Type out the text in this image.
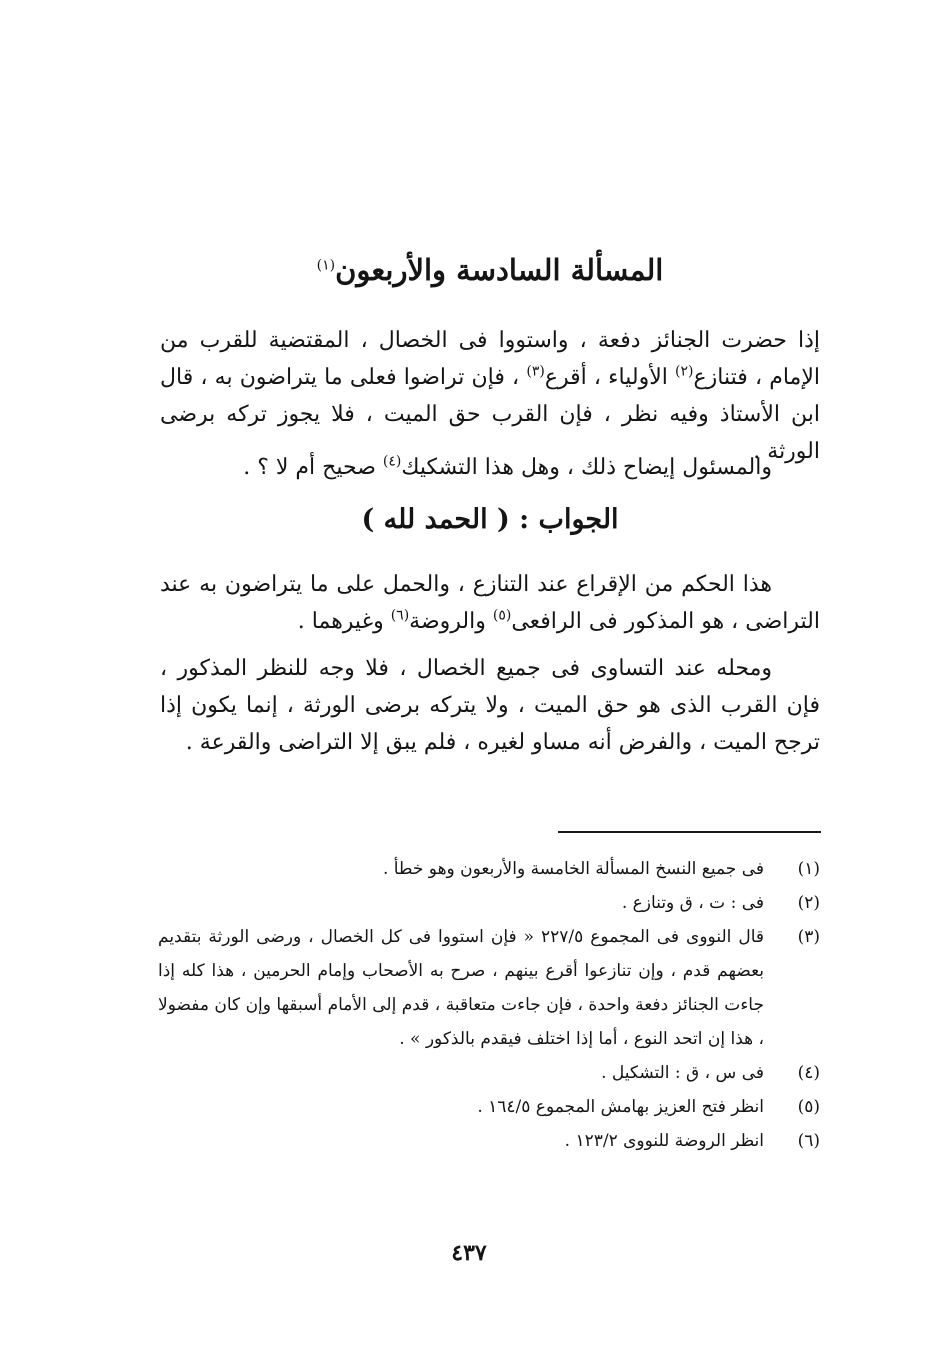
المسألة السادسة والأربعون$^{(١)}$

إذا حضرت الجنائز دفعة ، واستووا فى الخصال ، المقتضية للقرب من الإمام ، فتنازع$^{(٢)}$ الأولياء ، أقرع$^{(٣)}$ ، فإن تراضوا فعلى ما يتراضون به ، قال ابن الأستاذ وفيه نظر ، فإن القرب حق الميت ، فلا يجوز تركه برضى الورثة .

والمسئول إيضاح ذلك ، وهل هذا التشكيك$^{(٤)}$ صحيح أم لا ؟ .

الجواب : ( الحمد لله )

هذا الحكم من الإقراع عند التنازع ، والحمل على ما يتراضون به عند التراضى ، هو المذكور فى الرافعى$^{(٥)}$ والروضة$^{(٦)}$ وغيرهما .

ومحله عند التساوى فى جميع الخصال ، فلا وجه للنظر المذكور ، فإن القرب الذى هو حق الميت ، ولا يتركه برضى الورثة ، إنما يكون إذا ترجح الميت ، والفرض أنه مساو لغيره ، فلم يبق إلا التراضى والقرعة .

(١)
فى جميع النسخ المسألة الخامسة والأربعون وهو خطأ .
(٢)
فى : ت ، ق وتنازع .
(٣)
قال النووى فى المجموع ٢٢٧/٥ « فإن استووا فى كل الخصال ، ورضى الورثة بتقديم بعضهم قدم ، وإن تنازعوا أقرع بينهم ، صرح به الأصحاب وإمام الحرمين ، هذا كله إذا جاءت الجنائز دفعة واحدة ، فإن جاءت متعاقبة ، قدم إلى الأمام أسبقها وإن كان مفضولا ، هذا إن اتحد النوع ، أما إذا اختلف فيقدم بالذكور » .
(٤)
فى س ، ق : التشكيل .
(٥)
انظر فتح العزيز بهامش المجموع ١٦٤/٥ .
(٦)
انظر الروضة للنووى ١٢٣/٢ .
٤٣٧
